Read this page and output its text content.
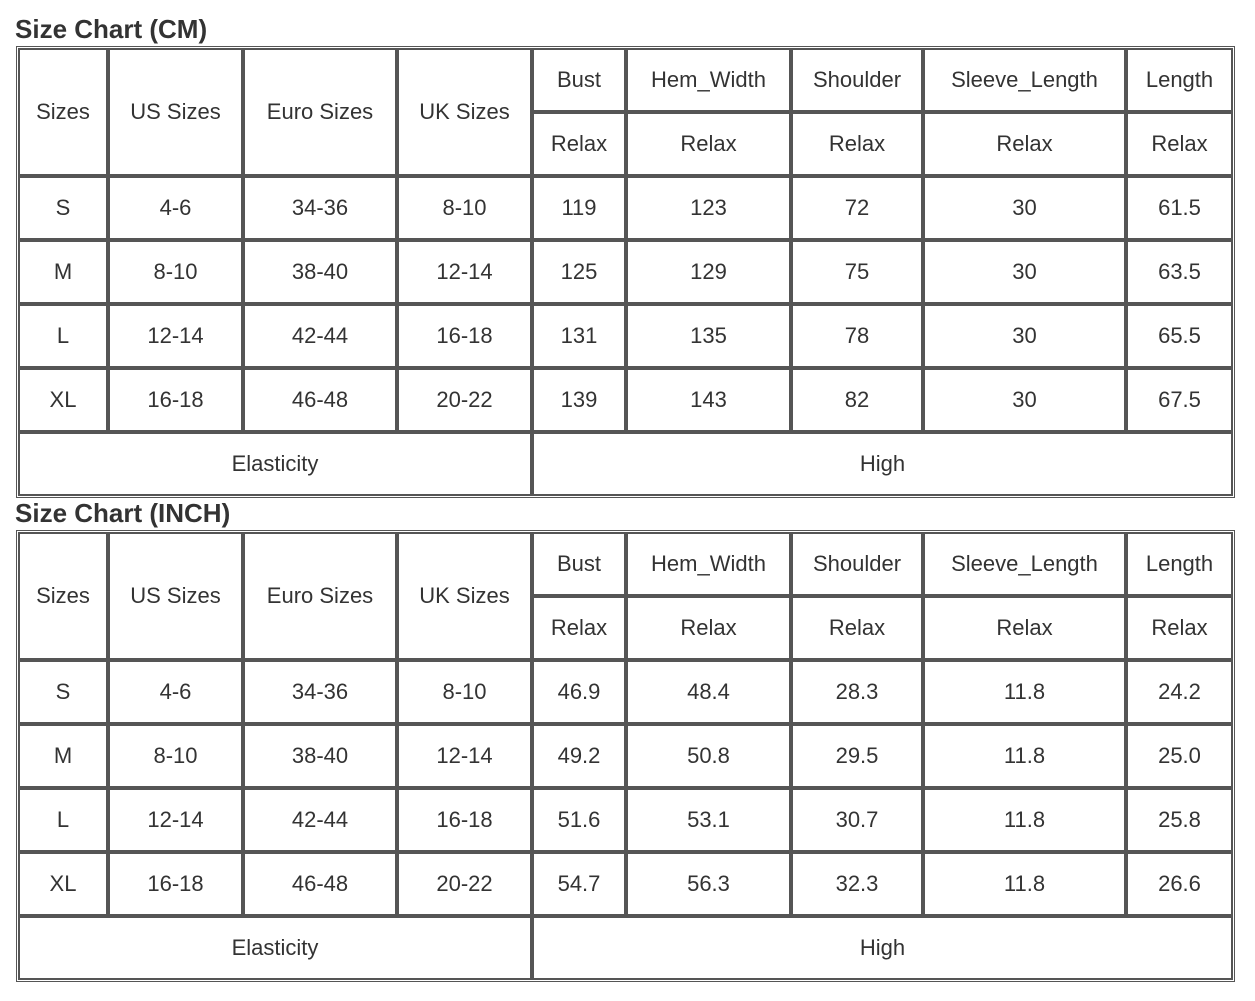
Size Chart (CM)
Sizes	US Sizes	Euro Sizes	UK Sizes	Bust	Hem_Width	Shoulder	Sleeve_Length	Length
				Relax	Relax	Relax	Relax	Relax
S	4-6	34-36	8-10	119	123	72	30	61.5
M	8-10	38-40	12-14	125	129	75	30	63.5
L	12-14	42-44	16-18	131	135	78	30	65.5
XL	16-18	46-48	20-22	139	143	82	30	67.5
Elasticity				High				
Size Chart (INCH)
Sizes	US Sizes	Euro Sizes	UK Sizes	Bust	Hem_Width	Shoulder	Sleeve_Length	Length
				Relax	Relax	Relax	Relax	Relax
S	4-6	34-36	8-10	46.9	48.4	28.3	11.8	24.2
M	8-10	38-40	12-14	49.2	50.8	29.5	11.8	25.0
L	12-14	42-44	16-18	51.6	53.1	30.7	11.8	25.8
XL	16-18	46-48	20-22	54.7	56.3	32.3	11.8	26.6
Elasticity				High				
